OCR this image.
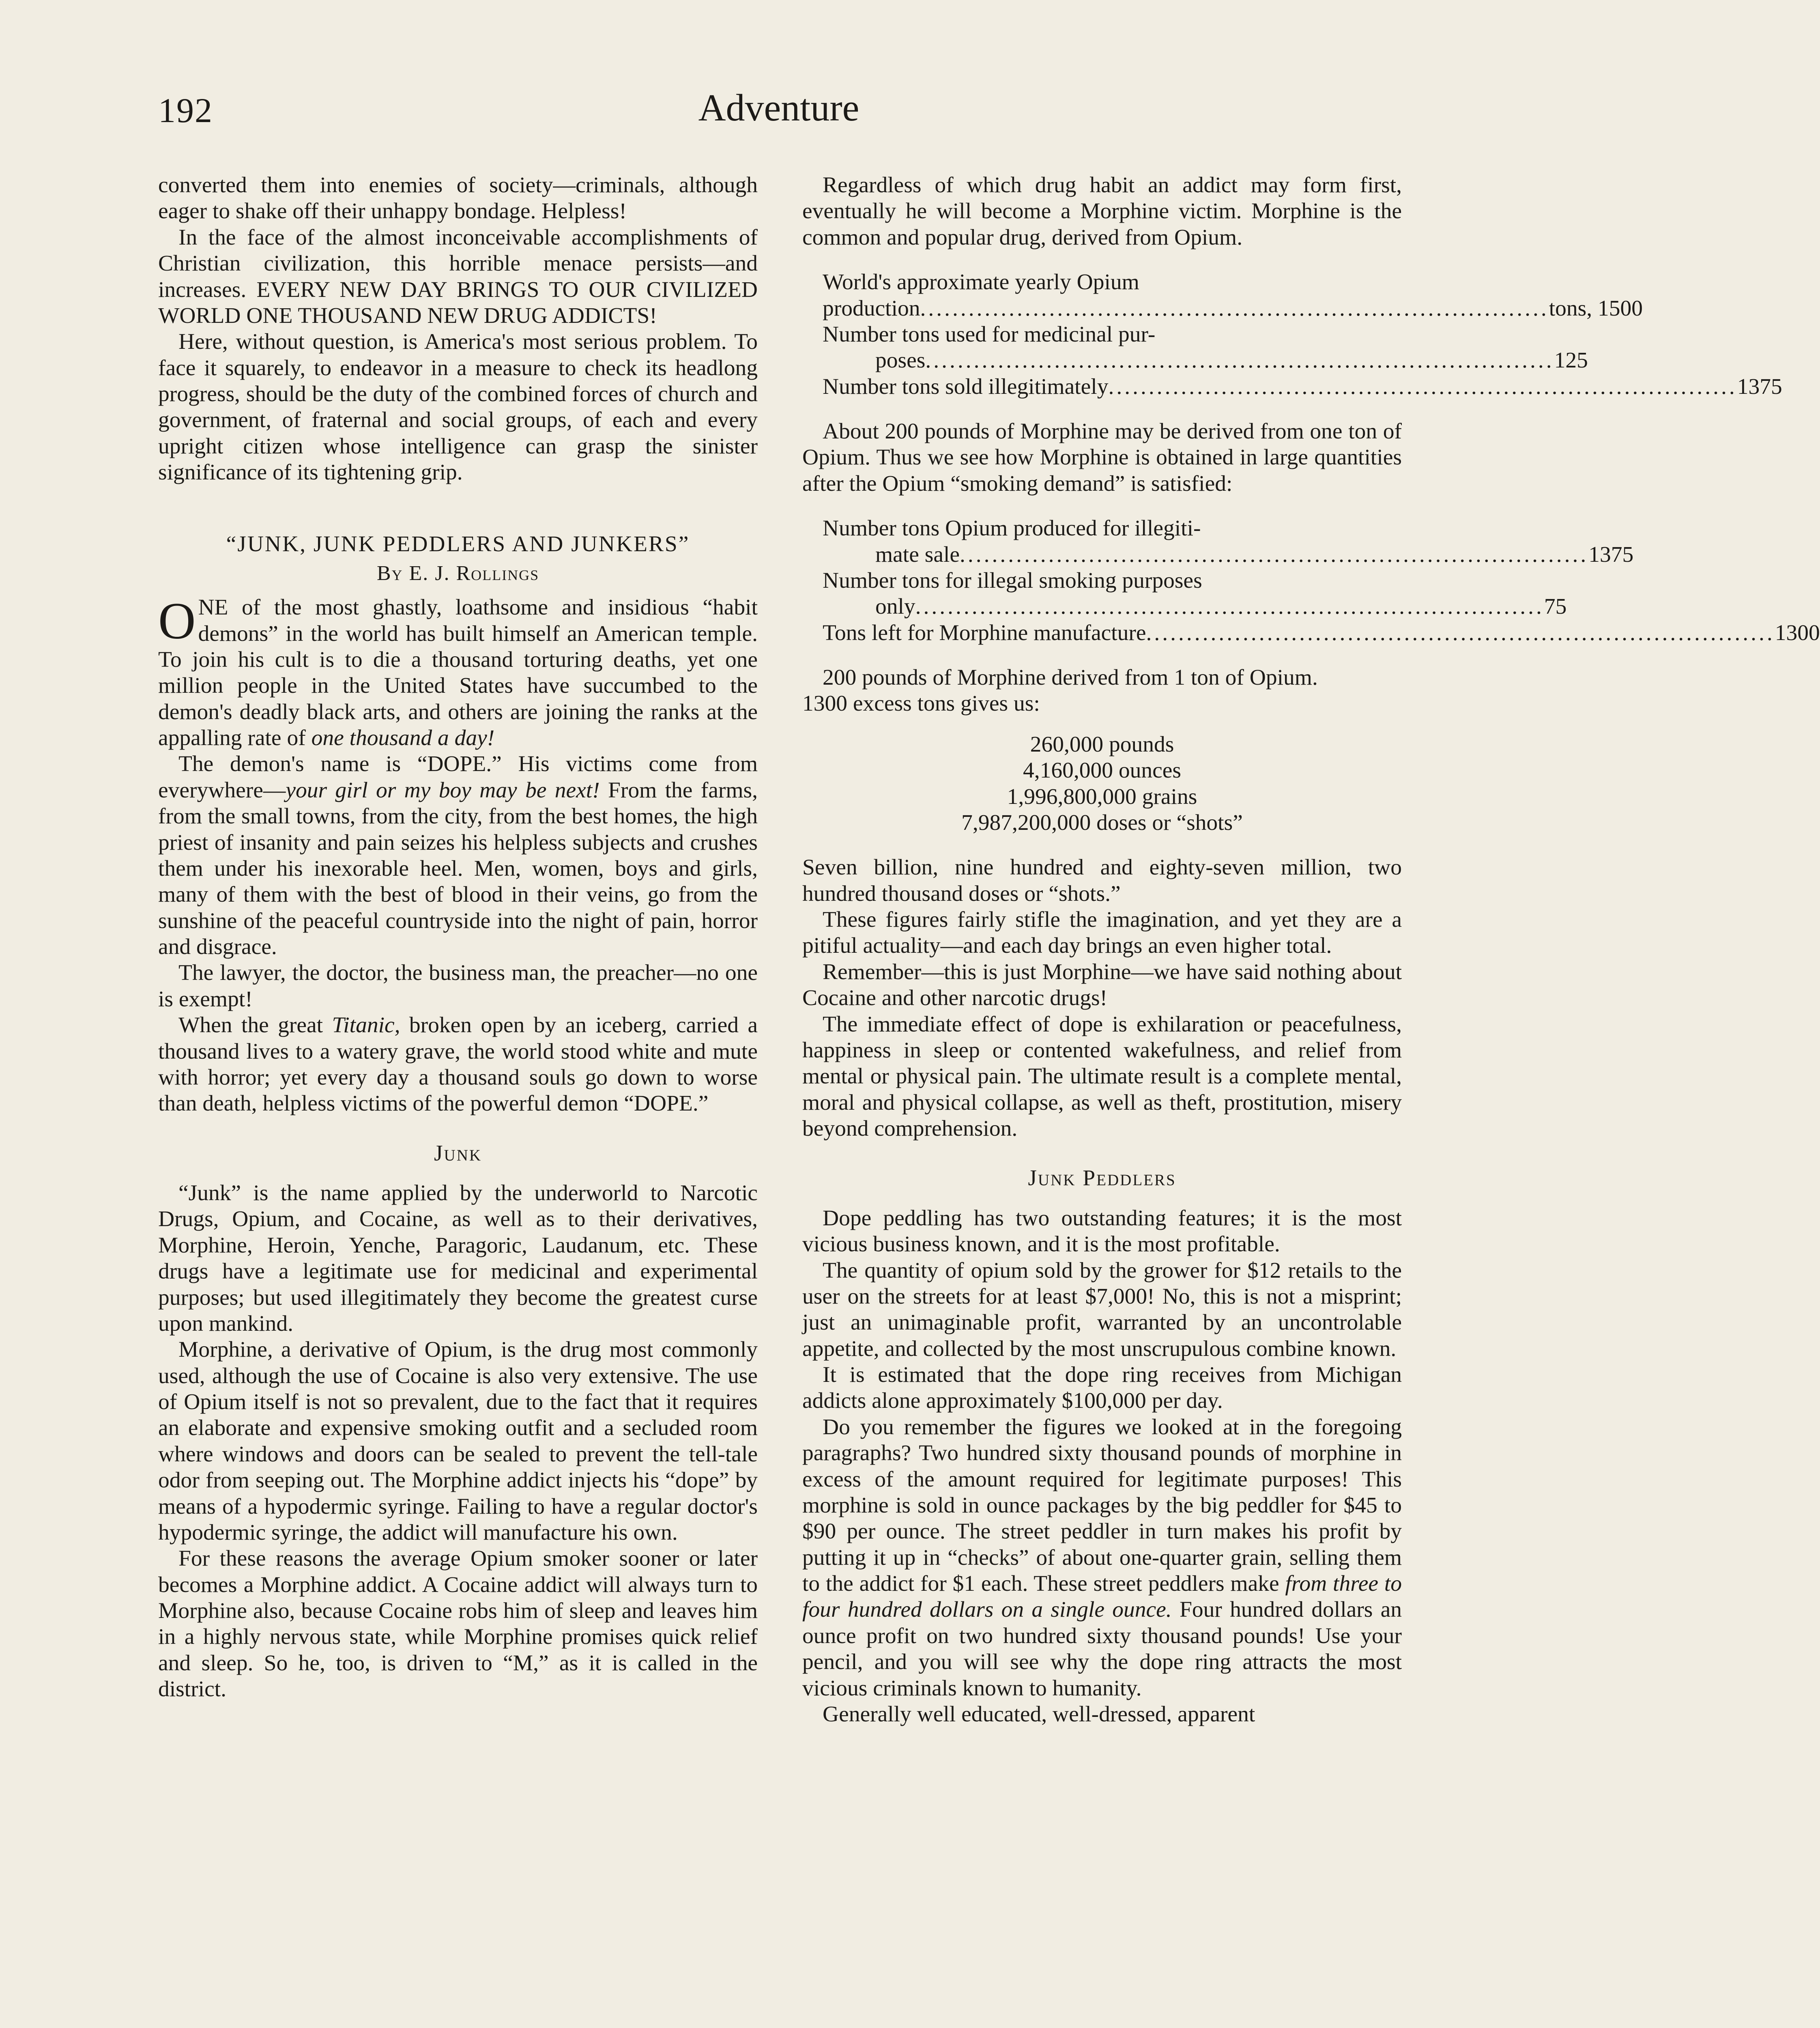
192	Adventure

converted them into enemies of society—criminals, although eager to shake off their unhappy bondage. Helpless!

In the face of the almost inconceivable accomplishments of Christian civilization, this horrible menace persists—and increases. EVERY NEW DAY BRINGS TO OUR CIVILIZED WORLD ONE THOUSAND NEW DRUG ADDICTS!

Here, without question, is America's most serious problem. To face it squarely, to endeavor in a measure to check its headlong progress, should be the duty of the combined forces of church and government, of fraternal and social groups, of each and every upright citizen whose intelligence can grasp the sinister significance of its tightening grip.

“JUNK, JUNK PEDDLERS AND JUNKERS”
By E. J. Rollings

ONE of the most ghastly, loathsome and insidious “habit demons” in the world has built himself an American temple. To join his cult is to die a thousand torturing deaths, yet one million people in the United States have succumbed to the demon's deadly black arts, and others are joining the ranks at the appalling rate of one thousand a day!

The demon's name is “DOPE.” His victims come from everywhere—your girl or my boy may be next! From the farms, from the small towns, from the city, from the best homes, the high priest of insanity and pain seizes his helpless subjects and crushes them under his inexorable heel. Men, women, boys and girls, many of them with the best of blood in their veins, go from the sunshine of the peaceful countryside into the night of pain, horror and disgrace.

The lawyer, the doctor, the business man, the preacher—no one is exempt!

When the great Titanic, broken open by an iceberg, carried a thousand lives to a watery grave, the world stood white and mute with horror; yet every day a thousand souls go down to worse than death, helpless victims of the powerful demon “DOPE.”

Junk

“Junk” is the name applied by the underworld to Narcotic Drugs, Opium, and Cocaine, as well as to their derivatives, Morphine, Heroin, Yenche, Paragoric, Laudanum, etc. These drugs have a legitimate use for medicinal and experimental purposes; but used illegitimately they become the greatest curse upon mankind.

Morphine, a derivative of Opium, is the drug most commonly used, although the use of Cocaine is also very extensive. The use of Opium itself is not so prevalent, due to the fact that it requires an elaborate and expensive smoking outfit and a secluded room where windows and doors can be sealed to prevent the tell-tale odor from seeping out. The Morphine addict injects his “dope” by means of a hypodermic syringe. Failing to have a regular doctor's hypodermic syringe, the addict will manufacture his own.

For these reasons the average Opium smoker sooner or later becomes a Morphine addict. A Cocaine addict will always turn to Morphine also, because Cocaine robs him of sleep and leaves him in a highly nervous state, while Morphine promises quick relief and sleep. So he, too, is driven to “M,” as it is called in the district.

Regardless of which drug habit an addict may form first, eventually he will become a Morphine victim. Morphine is the common and popular drug, derived from Opium.

World's approximate yearly Opium
production .............................................................................. tons, 1500
Number tons used for medicinal pur-
poses .............................................................................. 125
Number tons sold illegitimately .............................................................................. 1375

About 200 pounds of Morphine may be derived from one ton of Opium. Thus we see how Morphine is obtained in large quantities after the Opium “smoking demand” is satisfied:

Number tons Opium produced for illegiti-
mate sale .............................................................................. 1375
Number tons for illegal smoking purposes
only .............................................................................. 75
Tons left for Morphine manufacture .............................................................................. 1300

200 pounds of Morphine derived from 1 ton of Opium.

1300 excess tons gives us:

260,000 pounds
4,160,000 ounces
1,996,800,000 grains
7,987,200,000 doses or “shots”

Seven billion, nine hundred and eighty-seven million, two hundred thousand doses or “shots.”

These figures fairly stifle the imagination, and yet they are a pitiful actuality—and each day brings an even higher total.

Remember—this is just Morphine—we have said nothing about Cocaine and other narcotic drugs!

The immediate effect of dope is exhilaration or peacefulness, happiness in sleep or contented wakefulness, and relief from mental or physical pain. The ultimate result is a complete mental, moral and physical collapse, as well as theft, prostitution, misery beyond comprehension.

Junk Peddlers

Dope peddling has two outstanding features; it is the most vicious business known, and it is the most profitable.

The quantity of opium sold by the grower for $12 retails to the user on the streets for at least $7,000! No, this is not a misprint; just an unimaginable profit, warranted by an uncontrolable appetite, and collected by the most unscrupulous combine known.

It is estimated that the dope ring receives from Michigan addicts alone approximately $100,000 per day.

Do you remember the figures we looked at in the foregoing paragraphs? Two hundred sixty thousand pounds of morphine in excess of the amount required for legitimate purposes! This morphine is sold in ounce packages by the big peddler for $45 to $90 per ounce. The street peddler in turn makes his profit by putting it up in “checks” of about one-quarter grain, selling them to the addict for $1 each. These street peddlers make from three to four hundred dollars on a single ounce. Four hundred dollars an ounce profit on two hundred sixty thousand pounds! Use your pencil, and you will see why the dope ring attracts the most vicious criminals known to humanity.

Generally well educated, well-dressed, apparent
